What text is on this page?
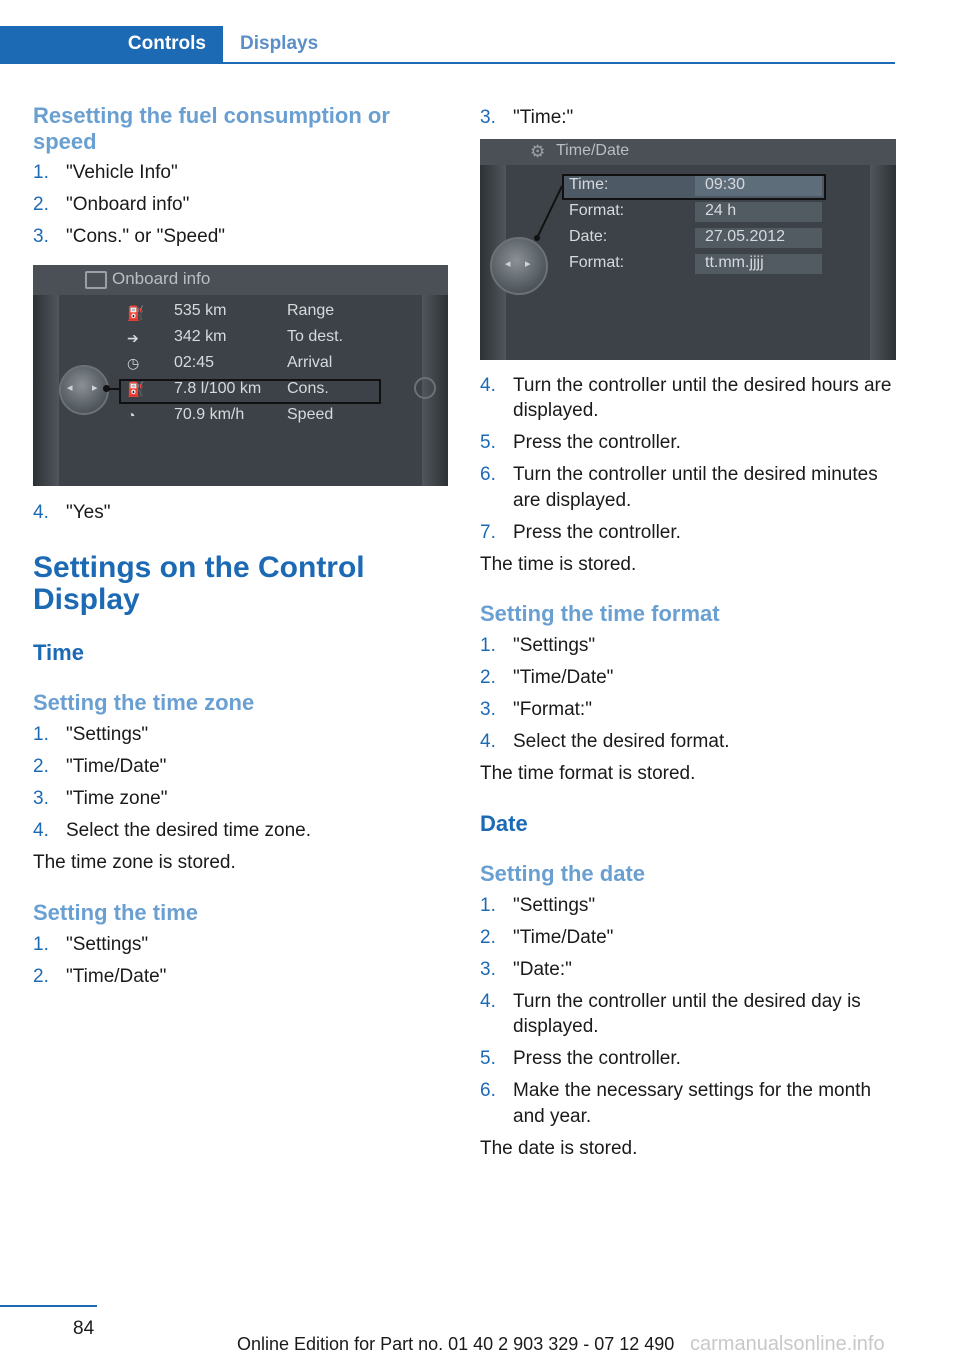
Controls	Displays
Resetting the fuel consumption or speed
1. "Vehicle Info"
2. "Onboard info"
3. "Cons." or "Speed"
Onboard info
◂ ▸
⛽ 535 km	Range
➔ 342 km	To dest.
◷ 02:45	Arrival
⛽ 7.8 l/100 km Cons.
◔ 70.9 km/h	Speed
4. "Yes"
Settings on the Control Display
Time
Setting the time zone
1. "Settings"
2. "Time/Date"
3. "Time zone"
4. Select the desired time zone.

The time zone is stored.

Setting the time
1. "Settings"
2. "Time/Date"
3. "Time:"
⚙ Time/Date
◂ ▸
Time:	09:30
Format:	24 h
Date:	27.05.2012
Format:	tt.mm.jjjj
4. Turn the controller until the desired hours are displayed.
5. Press the controller.
6. Turn the controller until the desired minutes are displayed.
7. Press the controller.

The time is stored.

Setting the time format
1. "Settings"
2. "Time/Date"
3. "Format:"
4. Select the desired format.

The time format is stored.

Date
Setting the date
1. "Settings"
2. "Time/Date"
3. "Date:"
4. Turn the controller until the desired day is displayed.
5. Press the controller.
6. Make the necessary settings for the month and year.

The date is stored.

84
Online Edition for Part no. 01 40 2 903 329 - 07 12 490 carmanualsonline.info
